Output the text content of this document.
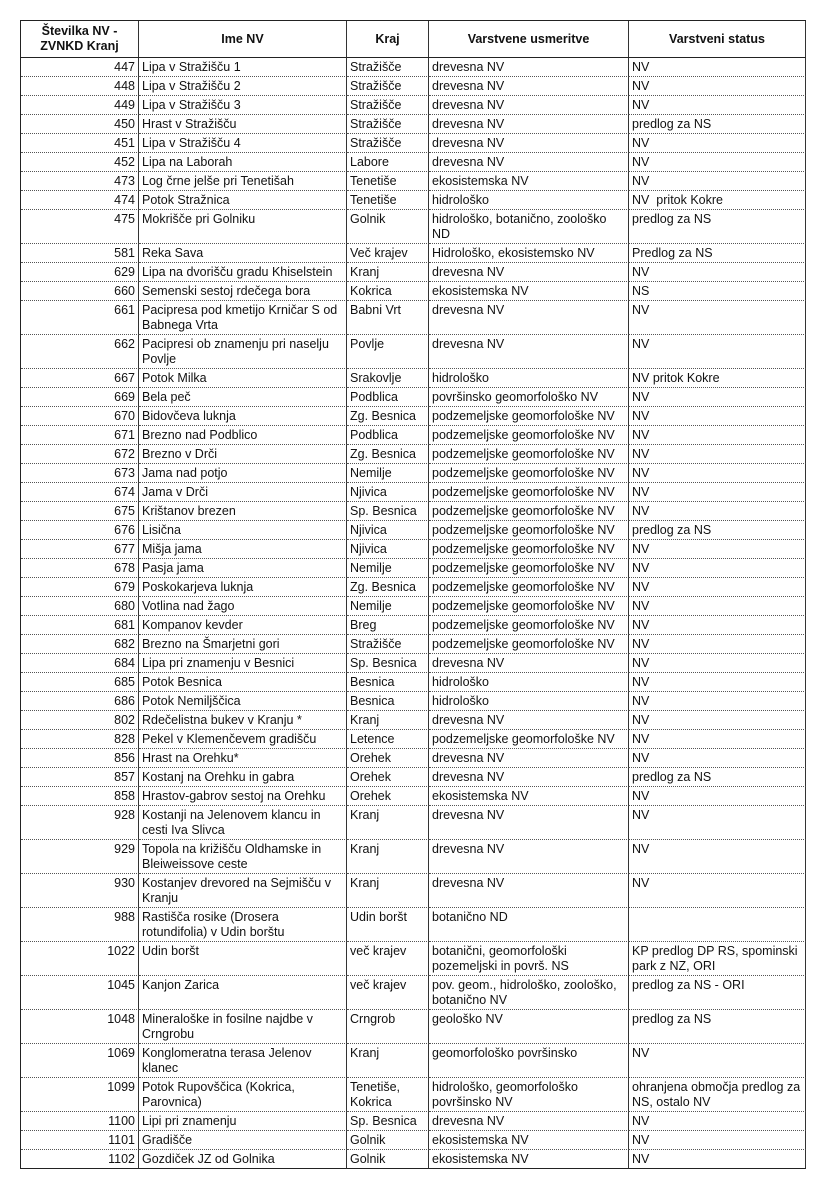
Številka NV - ZVNKD Kranj	Ime NV	Kraj	Varstvene usmeritve	Varstveni status
447	Lipa v Stražišču 1	Stražišče	drevesna NV	NV
448	Lipa v Stražišču 2	Stražišče	drevesna NV	NV
449	Lipa v Stražišču 3	Stražišče	drevesna NV	NV
450	Hrast v Stražišču	Stražišče	drevesna NV	predlog za NS
451	Lipa v Stražišču 4	Stražišče	drevesna NV	NV
452	Lipa na Laborah	Labore	drevesna NV	NV
473	Log črne jelše pri Tenetišah	Tenetiše	ekosistemska NV	NV
474	Potok Stražnica	Tenetiše	hidrološko	NV  pritok Kokre
475	Mokrišče pri Golniku	Golnik	hidrološko, botanično, zoološko ND	predlog za NS
581	Reka Sava	Več krajev	Hidrološko, ekosistemsko NV	Predlog za NS
629	Lipa na dvorišču gradu Khiselstein	Kranj	drevesna NV	NV
660	Semenski sestoj rdečega bora	Kokrica	ekosistemska NV	NS
661	Pacipresa pod kmetijo Krničar S od Babnega Vrta	Babni Vrt	drevesna NV	NV
662	Pacipresi ob znamenju pri naselju Povlje	Povlje	drevesna NV	NV
667	Potok Milka	Srakovlje	hidrološko	NV pritok Kokre
669	Bela peč	Podblica	površinsko geomorfološko NV	NV
670	Bidovčeva luknja	Zg. Besnica	podzemeljske geomorfološke NV	NV
671	Brezno nad Podblico	Podblica	podzemeljske geomorfološke NV	NV
672	Brezno v Drči	Zg. Besnica	podzemeljske geomorfološke NV	NV
673	Jama nad potjo	Nemilje	podzemeljske geomorfološke NV	NV
674	Jama v Drči	Njivica	podzemeljske geomorfološke NV	NV
675	Krištanov brezen	Sp. Besnica	podzemeljske geomorfološke NV	NV
676	Lisična	Njivica	podzemeljske geomorfološke NV	predlog za NS
677	Mišja jama	Njivica	podzemeljske geomorfološke NV	NV
678	Pasja jama	Nemilje	podzemeljske geomorfološke NV	NV
679	Poskokarjeva luknja	Zg. Besnica	podzemeljske geomorfološke NV	NV
680	Votlina nad žago	Nemilje	podzemeljske geomorfološke NV	NV
681	Kompanov kevder	Breg	podzemeljske geomorfološke NV	NV
682	Brezno na Šmarjetni gori	Stražišče	podzemeljske geomorfološke NV	NV
684	Lipa pri znamenju v Besnici	Sp. Besnica	drevesna NV	NV
685	Potok Besnica	Besnica	hidrološko	NV
686	Potok Nemiljščica	Besnica	hidrološko	NV
802	Rdečelistna bukev v Kranju *	Kranj	drevesna NV	NV
828	Pekel v Klemenčevem gradišču	Letence	podzemeljske geomorfološke NV	NV
856	Hrast na Orehku*	Orehek	drevesna NV	NV
857	Kostanj na Orehku in gabra	Orehek	drevesna NV	predlog za NS
858	Hrastov-gabrov sestoj na Orehku	Orehek	ekosistemska NV	NV
928	Kostanji na Jelenovem klancu in cesti Iva Slivca	Kranj	drevesna NV	NV
929	Topola na križišču Oldhamske in Bleiweissove ceste	Kranj	drevesna NV	NV
930	Kostanjev drevored na Sejmišču v Kranju	Kranj	drevesna NV	NV
988	Rastišča rosike (Drosera rotundifolia) v Udin borštu	Udin boršt	botanično ND	
1022	Udin boršt	več krajev	botanični, geomorfološki pozemeljski in površ. NS	KP predlog DP RS, spominski park z NZ, ORI
1045	Kanjon Zarica	več krajev	pov. geom., hidrološko, zoološko, botanično NV	predlog za NS - ORI
1048	Mineraloške in fosilne najdbe v Crngrobu	Crngrob	geološko NV	predlog za NS
1069	Konglomeratna terasa Jelenov klanec	Kranj	geomorfološko površinsko	NV
1099	Potok Rupovščica (Kokrica, Parovnica)	Tenetiše, Kokrica	hidrološko, geomorfološko površinsko NV	ohranjena območja predlog za NS, ostalo NV
1100	Lipi pri znamenju	Sp. Besnica	drevesna NV	NV
1101	Gradišče	Golnik	ekosistemska NV	NV
1102	Gozdiček JZ od Golnika	Golnik	ekosistemska NV	NV
